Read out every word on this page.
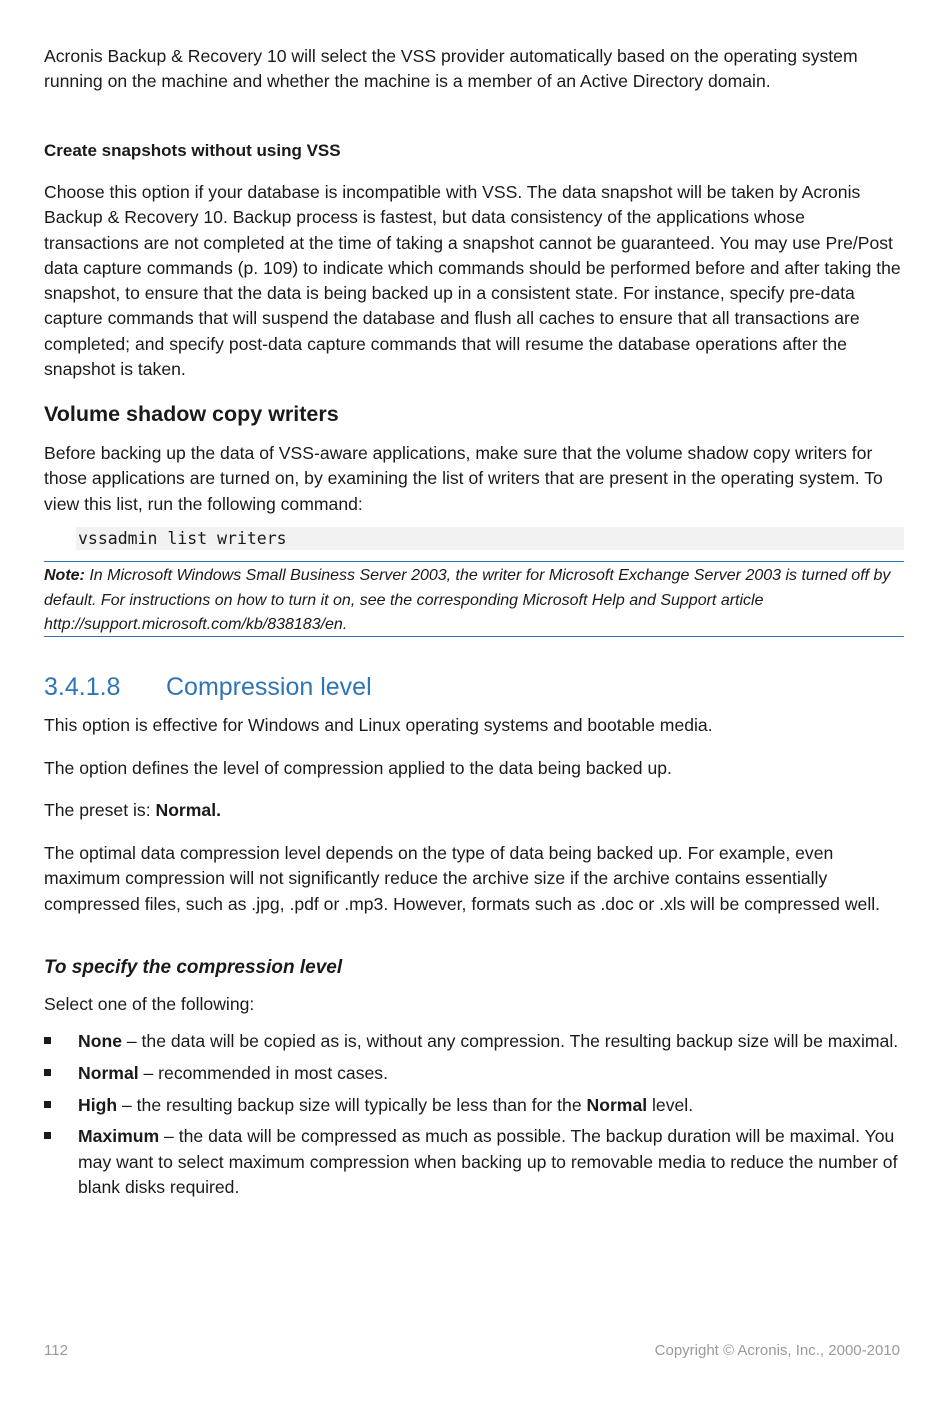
Acronis Backup & Recovery 10 will select the VSS provider automatically based on the operating system running on the machine and whether the machine is a member of an Active Directory domain.

Create snapshots without using VSS

Choose this option if your database is incompatible with VSS. The data snapshot will be taken by Acronis Backup & Recovery 10. Backup process is fastest, but data consistency of the applications whose transactions are not completed at the time of taking a snapshot cannot be guaranteed. You may use Pre/Post data capture commands (p. 109) to indicate which commands should be performed before and after taking the snapshot, to ensure that the data is being backed up in a consistent state. For instance, specify pre-data capture commands that will suspend the database and flush all caches to ensure that all transactions are completed; and specify post-data capture commands that will resume the database operations after the snapshot is taken.

Volume shadow copy writers

Before backing up the data of VSS-aware applications, make sure that the volume shadow copy writers for those applications are turned on, by examining the list of writers that are present in the operating system. To view this list, run the following command:

vssadmin list writers
Note: In Microsoft Windows Small Business Server 2003, the writer for Microsoft Exchange Server 2003 is turned off by default. For instructions on how to turn it on, see the corresponding Microsoft Help and Support article http://support.microsoft.com/kb/838183/en.
3.4.1.8 Compression level

This option is effective for Windows and Linux operating systems and bootable media.

The option defines the level of compression applied to the data being backed up.

The preset is: Normal.

The optimal data compression level depends on the type of data being backed up. For example, even maximum compression will not significantly reduce the archive size if the archive contains essentially compressed files, such as .jpg, .pdf or .mp3. However, formats such as .doc or .xls will be compressed well.

To specify the compression level

Select one of the following:

None – the data will be copied as is, without any compression. The resulting backup size will be maximal.
Normal – recommended in most cases.
High – the resulting backup size will typically be less than for the Normal level.
Maximum – the data will be compressed as much as possible. The backup duration will be maximal. You may want to select maximum compression when backing up to removable media to reduce the number of blank disks required.
112	Copyright © Acronis, Inc., 2000-2010
